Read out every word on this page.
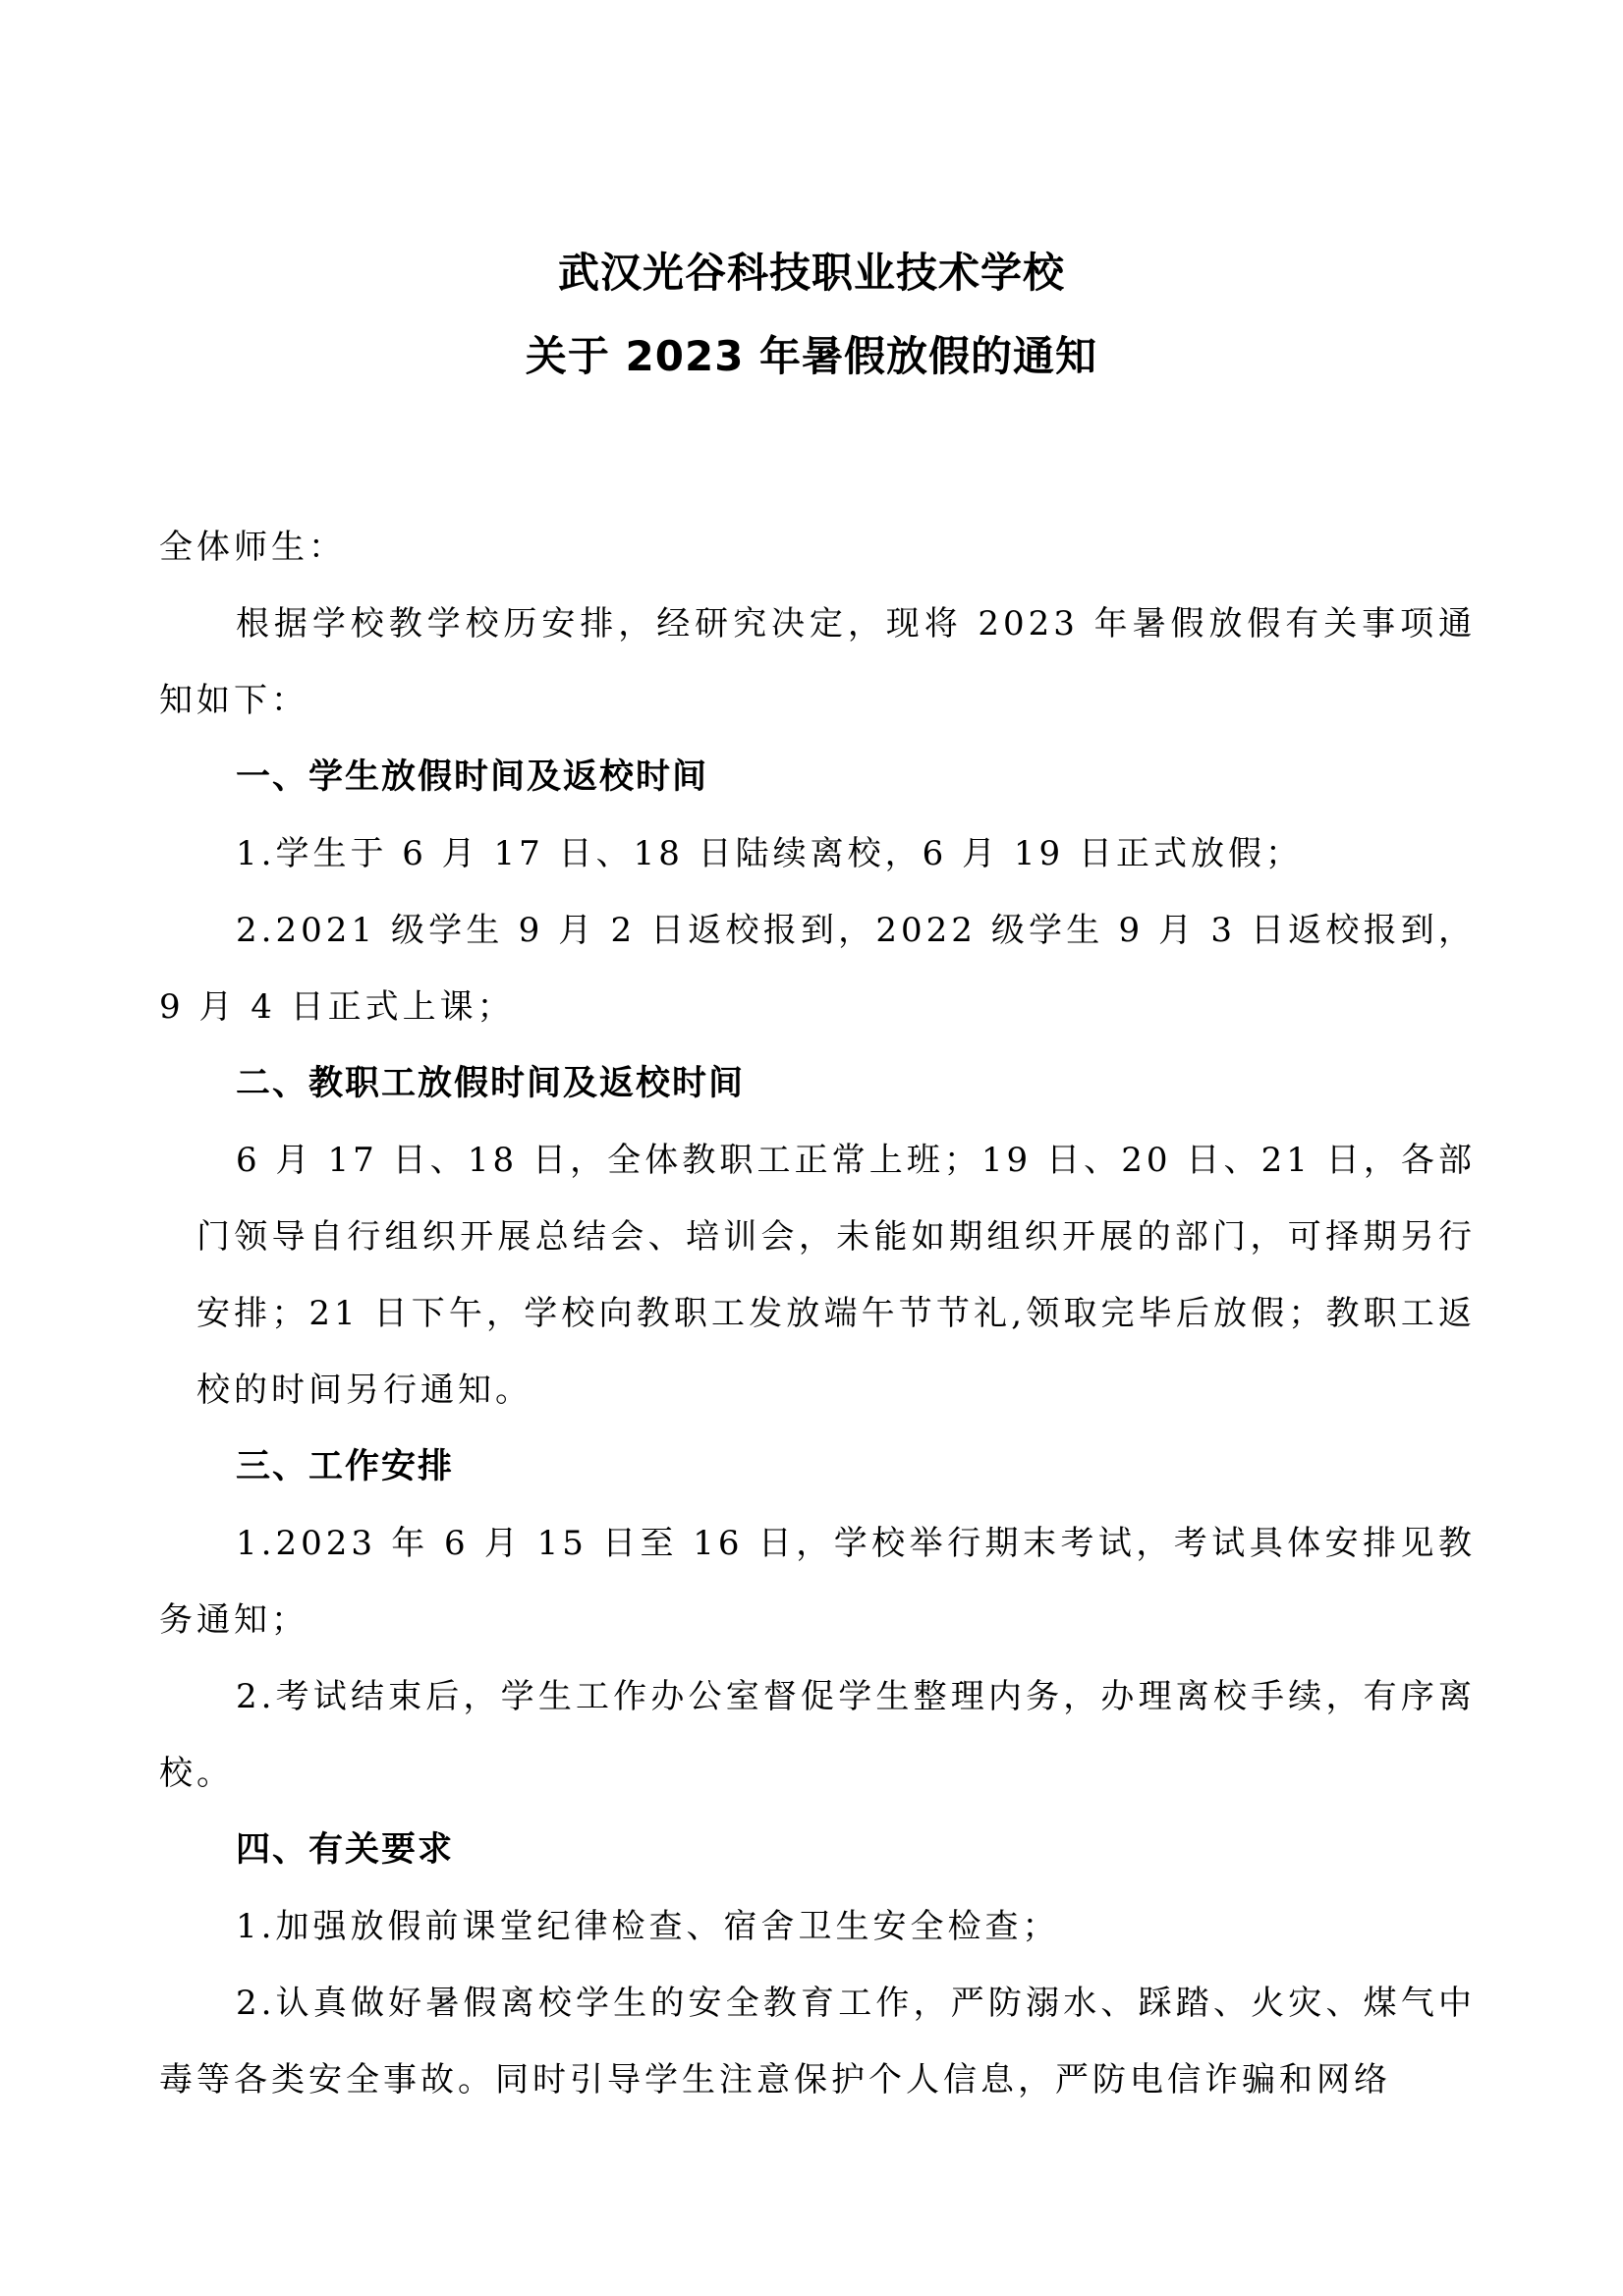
武汉光谷科技职业技术学校
关于 2023 年暑假放假的通知

全体师生：

根据学校教学校历安排，经研究决定，现将 2023 年暑假放假有关事项通知如下：

一、学生放假时间及返校时间

1.学生于 6 月 17 日、18 日陆续离校，6 月 19 日正式放假；

2.2021 级学生 9 月 2 日返校报到，2022 级学生 9 月 3 日返校报到，9 月 4 日正式上课；

二、教职工放假时间及返校时间

6 月 17 日、18 日，全体教职工正常上班；19 日、20 日、21 日，各部门领导自行组织开展总结会、培训会，未能如期组织开展的部门，可择期另行安排；21 日下午，学校向教职工发放端午节节礼,领取完毕后放假；教职工返校的时间另行通知。

三、工作安排

1.2023 年 6 月 15 日至 16 日，学校举行期末考试，考试具体安排见教务通知；

2.考试结束后，学生工作办公室督促学生整理内务，办理离校手续，有序离校。

四、有关要求

1.加强放假前课堂纪律检查、宿舍卫生安全检查；

2.认真做好暑假离校学生的安全教育工作，严防溺水、踩踏、火灾、煤气中毒等各类安全事故。同时引导学生注意保护个人信息，严防电信诈骗和网络
